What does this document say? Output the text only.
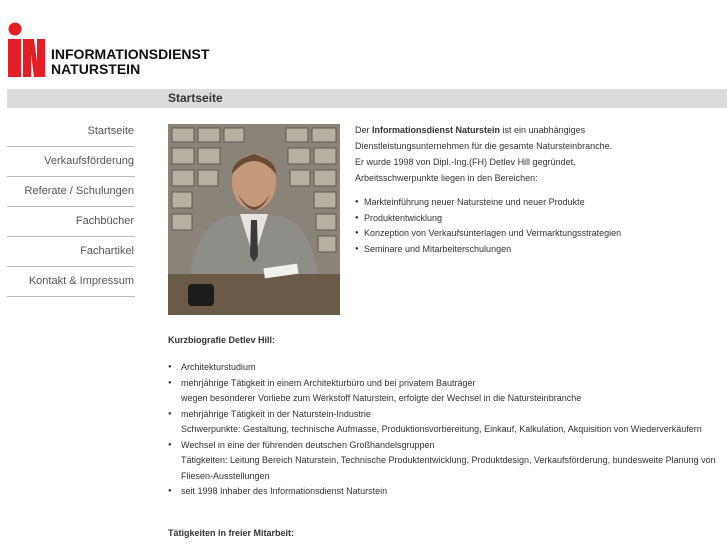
INFORMATIONSDIENST
NATURSTEIN
Startseite
Startseite
Verkaufsförderung
Referate / Schulungen
Fachbücher
Fachartikel
Kontakt & Impressum

Der Informationsdienst Naturstein ist ein unabhängiges

Dienstleistungsunternehmen für die gesamte Natursteinbranche.

Er wurde 1998 von Dipl.-Ing.(FH) Detlev Hill gegründet.

Arbeitsschwerpunkte liegen in den Bereichen:

● Markteinführung neuer Natursteine und neuer Produkte
● Produktentwicklung
● Konzeption von Verkaufsunterlagen und Vermarktungsstrategien
● Seminare und Mitarbeiterschulungen
Kurzbiografie Detlev Hill:
● Architekturstudium
● mehrjährige Tätigkeit in einem Architekturbüro und bei privatem Bauträger
wegen besonderer Vorliebe zum Werkstoff Naturstein, erfolgte der Wechsel in die Natursteinbranche
● mehrjährige Tätigkeit in der Naturstein-Industrie
Schwerpunkte: Gestaltung, technische Aufmasse, Produktionsvorbereitung, Einkauf, Kalkulation, Akquisition von Wiederverkäufern
● Wechsel in eine der führenden deutschen Großhandelsgruppen
Tätigkeiten: Leitung Bereich Naturstein, Technische Produktentwicklung, Produktdesign, Verkaufsförderung, bundesweite Planung von Fliesen-Ausstellungen
● seit 1998 Inhaber des Informationsdienst Naturstein
Tätigkeiten in freier Mitarbeit:
